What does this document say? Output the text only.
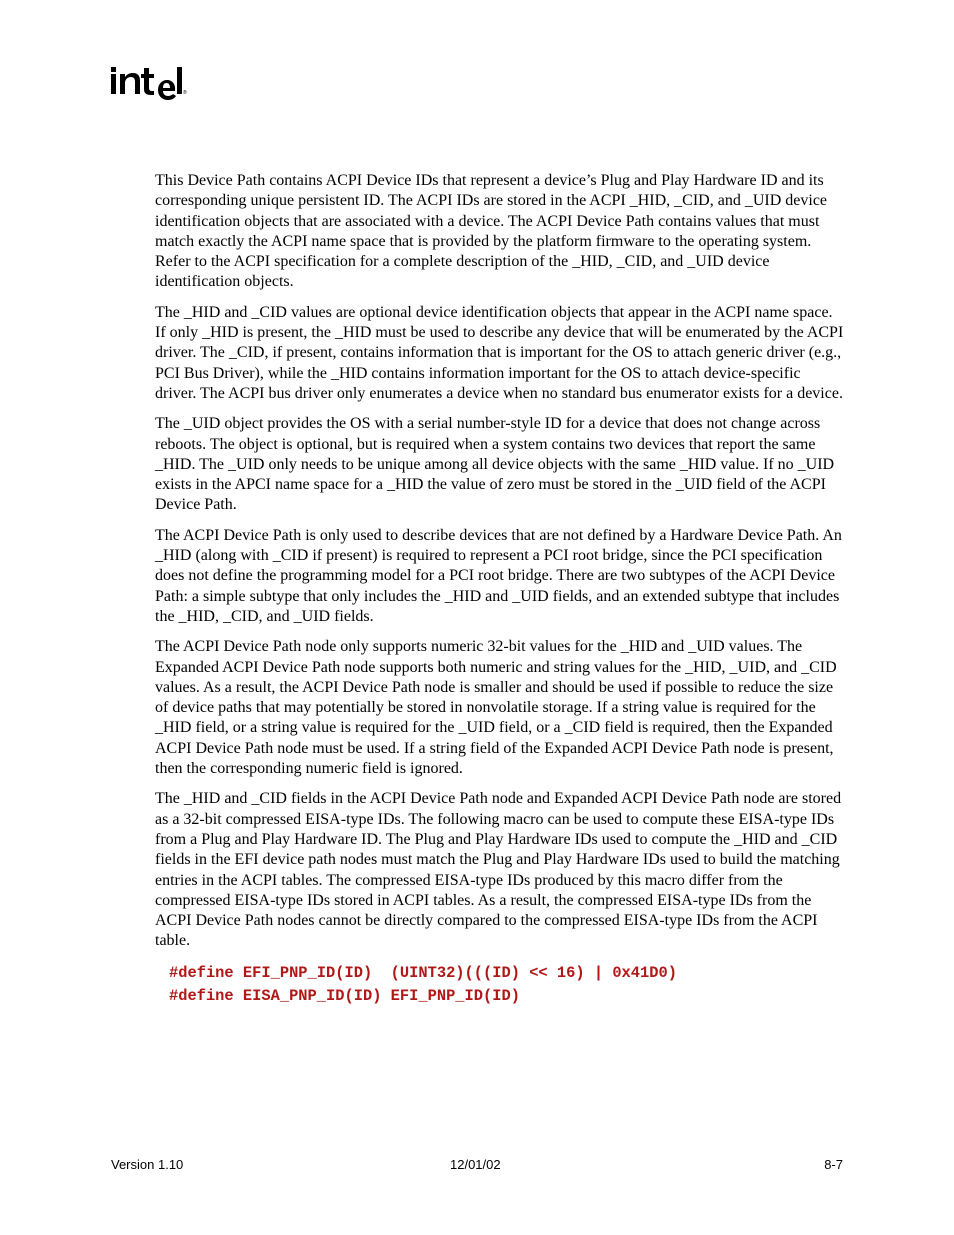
®

This Device Path contains ACPI Device IDs that represent a device’s Plug and Play Hardware ID and its corresponding unique persistent ID. The ACPI IDs are stored in the ACPI _HID, _CID, and _UID device identification objects that are associated with a device. The ACPI Device Path contains values that must match exactly the ACPI name space that is provided by the platform firmware to the operating system. Refer to the ACPI specification for a complete description of the _HID, _CID, and _UID device identification objects.

The _HID and _CID values are optional device identification objects that appear in the ACPI name space. If only _HID is present, the _HID must be used to describe any device that will be enumerated by the ACPI driver. The _CID, if present, contains information that is important for the OS to attach generic driver (e.g., PCI Bus Driver), while the _HID contains information important for the OS to attach device-specific driver. The ACPI bus driver only enumerates a device when no standard bus enumerator exists for a device.

The _UID object provides the OS with a serial number-style ID for a device that does not change across reboots. The object is optional, but is required when a system contains two devices that report the same _HID. The _UID only needs to be unique among all device objects with the same _HID value. If no _UID exists in the APCI name space for a _HID the value of zero must be stored in the _UID field of the ACPI Device Path.

The ACPI Device Path is only used to describe devices that are not defined by a Hardware Device Path. An _HID (along with _CID if present) is required to represent a PCI root bridge, since the PCI specification does not define the programming model for a PCI root bridge. There are two subtypes of the ACPI Device Path: a simple subtype that only includes the _HID and _UID fields, and an extended subtype that includes the _HID, _CID, and _UID fields.

The ACPI Device Path node only supports numeric 32-bit values for the _HID and _UID values. The Expanded ACPI Device Path node supports both numeric and string values for the _HID, _UID, and _CID values. As a result, the ACPI Device Path node is smaller and should be used if possible to reduce the size of device paths that may potentially be stored in nonvolatile storage. If a string value is required for the _HID field, or a string value is required for the _UID field, or a _CID field is required, then the Expanded ACPI Device Path node must be used. If a string field of the Expanded ACPI Device Path node is present, then the corresponding numeric field is ignored.

The _HID and _CID fields in the ACPI Device Path node and Expanded ACPI Device Path node are stored as a 32-bit compressed EISA-type IDs. The following macro can be used to compute these EISA-type IDs from a Plug and Play Hardware ID. The Plug and Play Hardware IDs used to compute the _HID and _CID fields in the EFI device path nodes must match the Plug and Play Hardware IDs used to build the matching entries in the ACPI tables. The compressed EISA-type IDs produced by this macro differ from the compressed EISA-type IDs stored in ACPI tables. As a result, the compressed EISA-type IDs from the ACPI Device Path nodes cannot be directly compared to the compressed EISA-type IDs from the ACPI table.

#define EFI_PNP_ID(ID)  (UINT32)(((ID) << 16) | 0x41D0)
#define EISA_PNP_ID(ID) EFI_PNP_ID(ID)
Version 1.10	12/01/02	8-7
